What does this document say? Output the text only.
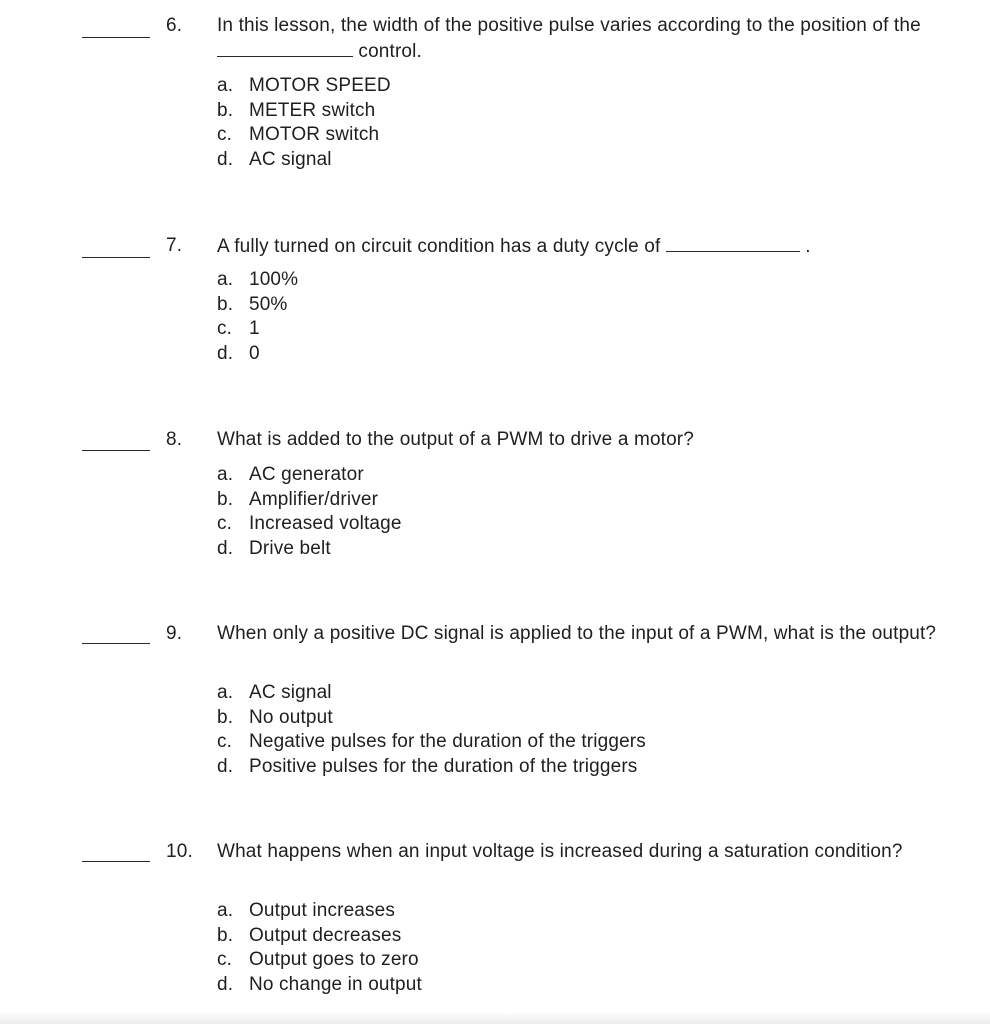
6. In this lesson, the width of the positive pulse varies according to the position of the  control.
a. MOTOR SPEED
b. METER switch
c. MOTOR switch
d. AC signal
7. A fully turned on circuit condition has a duty cycle of	.
a. 100%
b. 50%
c. 1
d. 0
8. What is added to the output of a PWM to drive a motor?
a. AC generator
b. Amplifier/driver
c. Increased voltage
d. Drive belt
9. When only a positive DC signal is applied to the input of a PWM, what is the output?
a. AC signal
b. No output
c. Negative pulses for the duration of the triggers
d. Positive pulses for the duration of the triggers
10. What happens when an input voltage is increased during a saturation condition?
a. Output increases
b. Output decreases
c. Output goes to zero
d. No change in output
